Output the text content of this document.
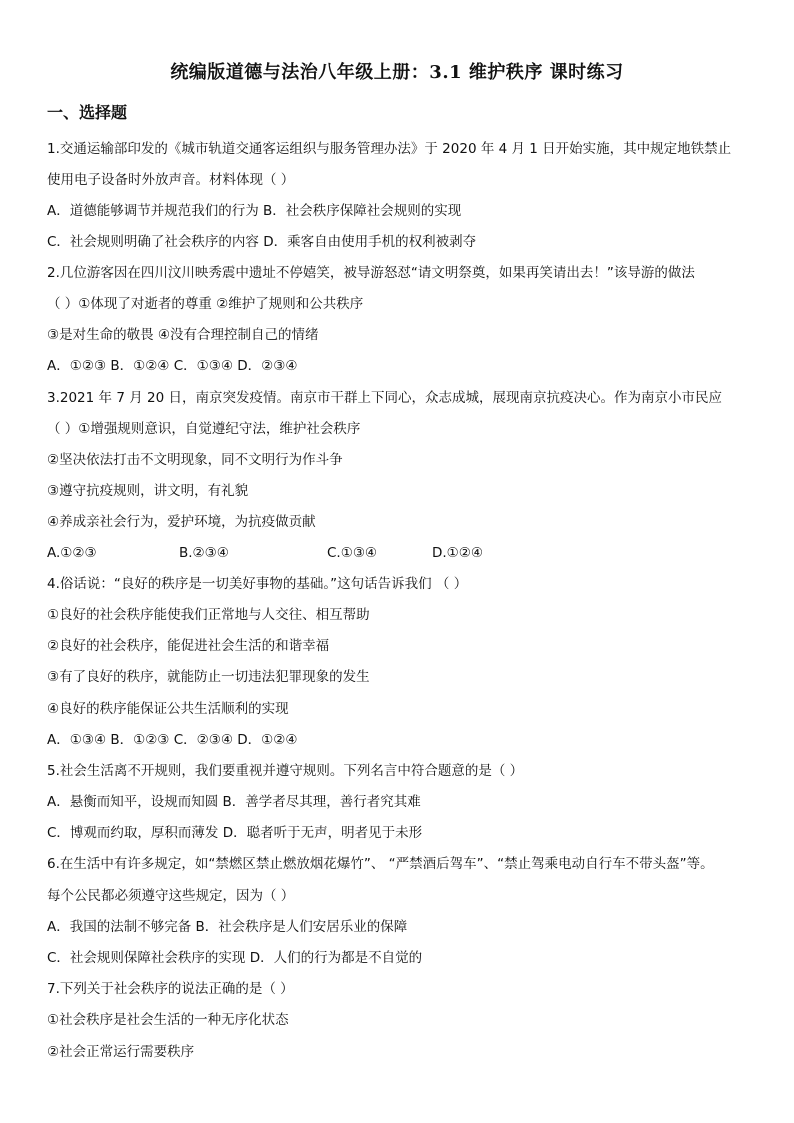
统编版道德与法治八年级上册：3.1 维护秩序 课时练习
一、选择题
1.交通运输部印发的《城市轨道交通客运组织与服务管理办法》于 2020 年 4 月 1 日开始实施，其中规定地铁禁止
使用电子设备时外放声音。材料体现（ ）
A．道德能够调节并规范我们的行为 B．社会秩序保障社会规则的实现
C．社会规则明确了社会秩序的内容 D．乘客自由使用手机的权利被剥夺
2.几位游客因在四川汶川映秀震中遗址不停嬉笑，被导游怒怼“请文明祭奠，如果再笑请出去！”该导游的做法
（ ）①体现了对逝者的尊重 ②维护了规则和公共秩序
③是对生命的敬畏 ④没有合理控制自己的情绪
A．①②③ B．①②④ C．①③④ D．②③④
3.2021 年 7 月 20 日，南京突发疫情。南京市干群上下同心，众志成城，展现南京抗疫决心。作为南京小市民应
（ ）①增强规则意识，自觉遵纪守法，维护社会秩序
②坚决依法打击不文明现象，同不文明行为作斗争
③遵守抗疫规则，讲文明，有礼貌
④养成亲社会行为，爱护环境，为抗疫做贡献
A.①②③	B.②③④	C.①③④	D.①②④
4.俗话说：“良好的秩序是一切美好事物的基础。”这句话告诉我们 （ ）
①良好的社会秩序能使我们正常地与人交往、相互帮助
②良好的社会秩序，能促进社会生活的和谐幸福
③有了良好的秩序，就能防止一切违法犯罪现象的发生
④良好的秩序能保证公共生活顺利的实现
A．①③④ B．①②③ C．②③④ D．①②④
5.社会生活离不开规则，我们要重视并遵守规则。下列名言中符合题意的是（ ）
A．悬衡而知平，设规而知圆 B．善学者尽其理，善行者究其难
C．博观而约取，厚积而薄发 D．聪者听于无声，明者见于未形
6.在生活中有许多规定，如“禁燃区禁止燃放烟花爆竹”、 “严禁酒后驾车”、“禁止驾乘电动自行车不带头盔”等。
每个公民都必须遵守这些规定，因为（ ）
A．我国的法制不够完备 B．社会秩序是人们安居乐业的保障
C．社会规则保障社会秩序的实现 D．人们的行为都是不自觉的
7.下列关于社会秩序的说法正确的是（ ）
①社会秩序是社会生活的一种无序化状态
②社会正常运行需要秩序
